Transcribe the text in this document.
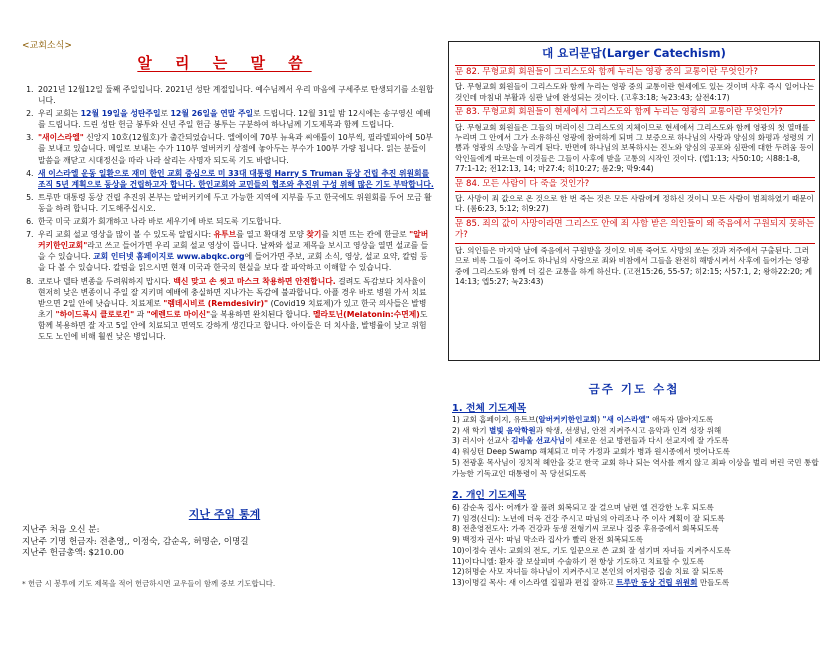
<교회소식>
알 리 는 말 씀
1. 2021년 12월12일 둘째 주일입니다. 2021년 성탄 계절입니다. 예수님께서 우리 마음에 구세주로 탄생되기를 소원합니다.
2. 우리 교회는 12월 19일을 성탄주일로 12월 26일을 연말 주일로 드립니다. 12월 31일 밤 12시에는 송구영신 예배를 드립니다. 드린 성탄 헌금 봉투와 신년 주일 헌금 봉투는 구분하여 하나님께 기도제목과 함께 드립니다.
3. "새이스라엘" 신앙지 10호(12월호)가 출간되었습니다. 엘에이에 70부 뉴욕과 씨애틀이 10부씩, 필라델피아에 50부를 보내고 있습니다. 메일로 보내는 수가 110부 얼버커키 상점에 놓아두는 부수가 100부 가량 됩니다. 읽는 분들이 말씀을 깨닫고 시대정신을 따라 나라 살리는 사명자 되도록 기도 바랍니다.
4. 새 이스라엘 운동 일환으로 재미 한인 교회 중심으로 미 33대 대통령 Harry S Truman 동상 건립 추진 위원회를 조직 5년 계획으로 동상을 건립하고자 합니다. 한인교회와 교민들의 협조와 추진위 구성 위해 많은 기도 부탁합니다.
5. 트루만 대통령 동상 건립 추진위 본부는 알버커키에 두고 가능한 지역에 지부를 두고 한국에도 위원회를 두어 모금 활동을 하려 합니다. 기도해주십시오.
6. 한국 미국 교회가 회개하고 나라 바로 세우기에 바로 되도록 기도합니다.
7. 우리 교회 설교 영상을 많이 볼 수 있도록 알립시다: 유투브를 열고 확대경 모양 찾기를 치면 뜨는 칸에 한글로 "알버커키한인교회"라고 쓰고 들어가면 우리 교회 설교 영상이 뜹니다. 날짜와 설교 제목을 보시고 영상을 열면 설교를 들을 수 있습니다. 교회 인터넷 홈페이지로 www.abqkc.org에 들어가면 주보, 교회 소식, 영상, 설교 요약, 칼럼 등을 다 볼 수 있습니다. 칼럼을 읽으시면 현재 미국과 한국의 현실을 보다 잘 파악하고 이해할 수 있습니다.
8. 코로나 델타 변종을 두려워하지 맙시다. 백신 맞고 손 씻고 마스크 착용하면 안전합니다. 걸려도 독감보다 치사율이 현저히 낮은 변종이니 주일 잘 지키며 예배에 충실하면 지나가는 독감에 불과합니다. 아플 경우 바로 병원 가서 치료 받으면 2일 안에 낫습니다. 치료제로 "렘데시비르 (Remdesivir)" (Covid19 치료제)가 있고 한국 의사들은 발병 초기 "하이드록시 클로로킨" 과 "에렌드로 마이신"을 복용하면 완치된다 합니다. 멜라토닌(Melatonin:수면제)도 함께 복용하면 잘 자고 5일 안에 치료되고 면역도 강하게 생긴다고 합니다. 아이들은 더 치사율, 발병률이 낮고 위험도도 노인에 비해 훨씬 낮은 병입니다.
지난 주일 통계
지난주 처음 오신 분:
지난주 기명 헌금자: 전춘영,, 이정숙, 감순옥, 허명순, 이명길
지난주 헌금총액: $210.00
* 헌금 시 봉투에 기도 제목을 적어 헌금하시면 교우들이 함께 중보 기도합니다.
대 요리문답(Larger Catechism)
문 82. 무형교회 회원들이 그리스도와 함께 누리는 영광 중의 교통이란 무엇인가?
답. 무형교회 회원들이 그리스도와 함께 누리는 영광 중의 교통이란 현세에도 있는 것이며 사후 즉시 일어나는 것인데 마침내 부활과 심판 날에 완성되는 것이다. (고후3:18; 눅23:43; 살전4:17)
문 83. 무형교회 회원들이 현세에서 그리스도와 함께 누리는 영광의 교통이란 무엇인가?
답. 무형교회 회원들은 그들의 머리이신 그리스도의 지체이므로 현세에서 그리스도와 함께 영광의 첫 열매를 누리며 그 안에서 그가 소유하신 영광에 참여하게 되며 그 보증으로 하나님의 사랑과 양심의 화평과 성령의 기쁨과 영광의 소망을 누리게 된다. 반면에 하나님의 보복하시는 진노와 양심의 공포와 심판에 대한 두려움 등이 악인들에게 따르는데 이것들은 그들이 사후에 받을 고통의 시작인 것이다. (엡1:13; 사50:10; 시88:1-8, 77:1-12; 전12:13, 14; 마27:4; 히10:27; 롬2:9; 막9:44)
문 84. 모든 사람이 다 죽을 것인가?
답. 사망이 죄 값으로 온 것으로 한 번 죽는 것은 모든 사람에게 정하신 것이니 모든 사람이 범죄하였기 때문이다. (롬6:23, 5:12; 히9:27)
문 85. 죄의 값이 사망이라면 그리스도 안에 죄 사함 받은 의인들이 왜 죽음에서 구원되지 못하는가?
답. 의인들은 마지막 날에 죽음에서 구원받을 것이오 비록 죽어도 사망의 쏘는 것과 저주에서 구출된다. 그러므로 비록 그들이 죽어도 하나님의 사랑으로 죄와 비참에서 그들을 완전히 해방시켜서 사후에 들어가는 영광 중에 그리스도와 함께 더 깊은 교통을 하게 하신다. (고전15:26, 55-57; 히2:15; 사57:1, 2; 왕하22:20; 계14:13; 엡5:27; 눅23:43)
금주 기도 수첩
1. 전체 기도제목
1) 교회 홈페이지, 유트브(알버커키한인교회) "새 이스라엘" 애독자 많아지도록
2) 새 학기 별빛 음악학원과 학생, 선생님, 안전 지켜주시고 음악과 인격 성장 위해
3) 러시아 선교사 김바울 선교사님이 새로운 선교 방편들과 다시 선교지에 잘 가도록
4) 워싱턴 Deep Swamp 해체되고 미국 가정과 교회가 병과 원시종에서 벗어나도록
5) 전광훈 목사님이 징치적 헤안을 갖고 한국 교회 하나 되는 역사를 깨지 않고 죄파 이상을 벌리 버린 국민 통합 가능한 기독교인 대통령이 꼭 당선되도록
2. 개인 기도제목
6) 감순옥 집사: 어깨가 잘 풀려 회복되고 잘 걸으며 남편 엘 건강한 노후 되도록
7) 임경(신디): 노년에 더욱 건강 주시고 따님의 아리조나 주 이사 계획이 잘 되도록
8) 전춘영전도사: 가족 건강과 동생 전형기씨 코로나 집중 후유증에서 회복되도록
9) 백정자 권사: 따님 막소라 집사가 빨리 완전 회복되도록
10)이정숙 권사: 교회의 전도, 기도 일꾼으로 쓴 교회 잘 섬기며 자녀들 지켜주시도록
11)이다니엘: 환자 잘 보살피며 수술하기 전 항상 기도하고 치료할 수 있도록
12)허명순 사모 자녀들 하나님이 지켜주시고 본인의 어지럼증 집술 치료 잘 되도록
13)이명길 목사: 새 이스라엘 집필과 편집 잘하고 트루만 동상 건립 위원회 만들도록
